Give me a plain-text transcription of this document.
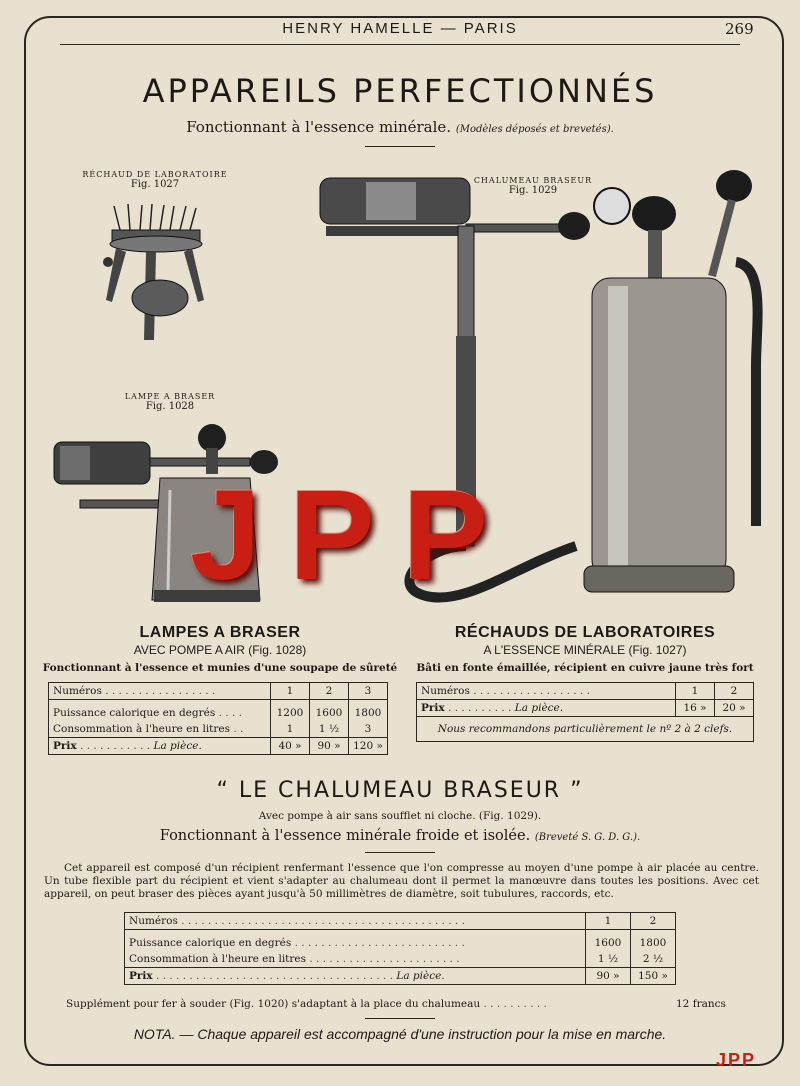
HENRY HAMELLE — PARIS	269
APPAREILS PERFECTIONNÉS
Fonctionnant à l'essence minérale. (Modèles déposés et brevetés).
RÉCHAUD DE LABORATOIRE
Fig. 1027
LAMPE A BRASER
Fig. 1028
CHALUMEAU BRASEUR
Fig. 1029
LAMPES A BRASER
AVEC POMPE A AIR (Fig. 1028)
Fonctionnant à l'essence et munies d'une soupape de sûreté
Numéros . . . . . . . . . . . . . . . . .	1	2	3
Puissance calorique en degrés . . . .	1200	1600	1800
Consommation à l'heure en litres . .	1	1 ½	3
Prix . . . . . . . . . . . La pièce.	40 »	90 »	120 »
RÉCHAUDS DE LABORATOIRES
A L'ESSENCE MINÉRALE (Fig. 1027)
Bâti en fonte émaillée, récipient en cuivre jaune très fort
Numéros . . . . . . . . . . . . . . . . . .	1	2
Prix . . . . . . . . . . La pièce.	16 »	20 »
Nous recommandons particulièrement le nº 2 à 2 clefs.		
“ LE CHALUMEAU BRASEUR ”
Avec pompe à air sans soufflet ni cloche. (Fig. 1029).
Fonctionnant à l'essence minérale froide et isolée. (Breveté S. G. D. G.).
Cet appareil est composé d'un récipient renfermant l'essence que l'on compresse au moyen d'une pompe à air placée au centre. Un tube flexible part du récipient et vient s'adapter au chalumeau dont il permet la manœuvre dans toutes les positions. Avec cet appareil, on peut braser des pièces ayant jusqu'à 50 millimètres de diamètre, soit tubulures, raccords, etc.
Numéros . . . . . . . . . . . . . . . . . . . . . . . . . . . . . . . . . . . . . . . . . . .	1	2
Puissance calorique en degrés . . . . . . . . . . . . . . . . . . . . . . . . . .	1600	1800
Consommation à l'heure en litres . . . . . . . . . . . . . . . . . . . . . . .	1 ½	2 ½
Prix . . . . . . . . . . . . . . . . . . . . . . . . . . . . . . . . . . . . La pièce.	90 »	150 »
Supplément pour fer à souder (Fig. 1020) s'adaptant à la place du chalumeau . . . . . . . . . .	12 francs
NOTA. — Chaque appareil est accompagné d'une instruction pour la mise en marche.
JPP
JPP
